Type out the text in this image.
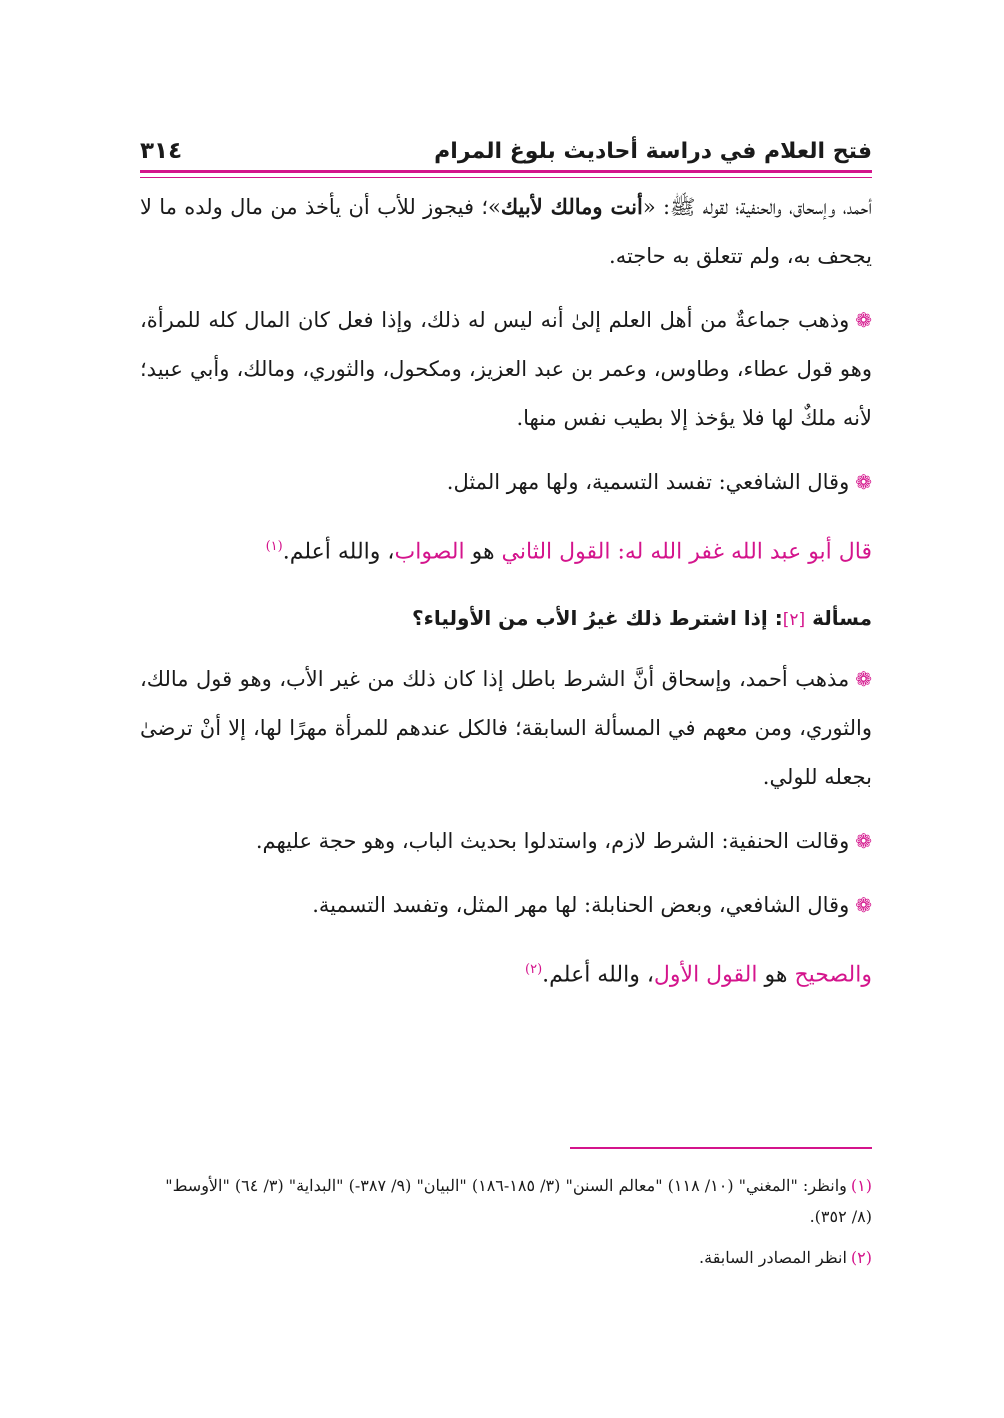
فتح العلام في دراسة أحاديث بلوغ المرام
٣١٤

أحمد، وإسحاق، والحنفية؛ لقوله ﷺ: «أنت ومالك لأبيك»؛ فيجوز للأب أن يأخذ من مال ولده ما لا يجحف به، ولم تتعلق به حاجته.

❁وذهب جماعةٌ من أهل العلم إلىٰ أنه ليس له ذلك، وإذا فعل كان المال كله للمرأة، وهو قول عطاء، وطاوس، وعمر بن عبد العزيز، ومكحول، والثوري، ومالك، وأبي عبيد؛ لأنه ملكٌ لها فلا يؤخذ إلا بطيب نفس منها.

❁وقال الشافعي: تفسد التسمية، ولها مهر المثل.

قال أبو عبد الله غفر الله له: القول الثاني هو الصواب، والله أعلم.$^{(١)}$

مسألة [٢]: إذا اشترط ذلك غيرُ الأب من الأولياء؟

❁مذهب أحمد، وإسحاق أنَّ الشرط باطل إذا كان ذلك من غير الأب، وهو قول مالك، والثوري، ومن معهم في المسألة السابقة؛ فالكل عندهم للمرأة مهرًا لها، إلا أنْ ترضىٰ بجعله للولي.

❁وقالت الحنفية: الشرط لازم، واستدلوا بحديث الباب، وهو حجة عليهم.

❁وقال الشافعي، وبعض الحنابلة: لها مهر المثل، وتفسد التسمية.

والصحيح هو القول الأول، والله أعلم.$^{(٢)}$

(١)وانظر: "المغني" (١٠/ ١١٨) "معالم السنن" (٣/ ١٨٥-١٨٦) "البيان" (٩/ ٣٨٧-) "البداية" (٣/ ٦٤) "الأوسط" (٨/ ٣٥٢).

(٢)انظر المصادر السابقة.
